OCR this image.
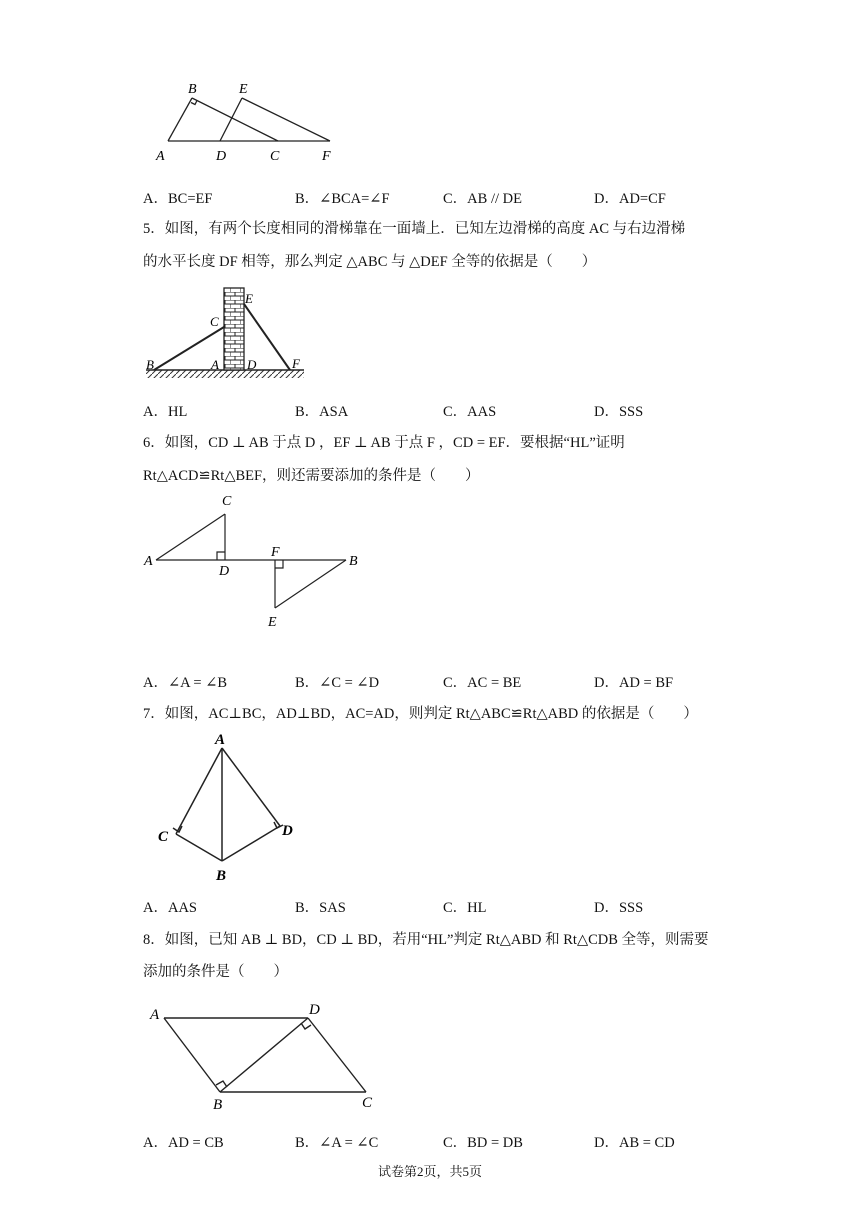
B	E
A	D	C	F
A．BC=EF	B．∠BCA=∠F	C．AB // DE	D．AD=CF
5．如图，有两个长度相同的滑梯靠在一面墙上．已知左边滑梯的高度 AC 与右边滑梯
的水平长度 DF 相等，那么判定 △ABC 与 △DEF 全等的依据是（　　）
B
C
A D
E
F
A．HL	B．ASA	C．AAS	D．SSS
6．如图，CD ⊥ AB 于点 D ，EF ⊥ AB 于点 F ，CD = EF．要根据“HL”证明
Rt△ACD≌Rt△BEF，则还需要添加的条件是（　　）
C
A
D
F
B
E
A．∠A = ∠B	B．∠C = ∠D	C．AC = BE	D．AD = BF
7．如图，AC⊥BC，AD⊥BD，AC=AD，则判定 Rt△ABC≌Rt△ABD 的依据是（　　）
A
C	D
B
A．AAS	B．SAS	C．HL	D．SSS
8．如图，已知 AB ⊥ BD，CD ⊥ BD，若用“HL”判定 Rt△ABD 和 Rt△CDB 全等，则需要
添加的条件是（　　）
A	D
B	C
A．AD = CB	B．∠A = ∠C	C．BD = DB	D．AB = CD
试卷第2页，共5页
